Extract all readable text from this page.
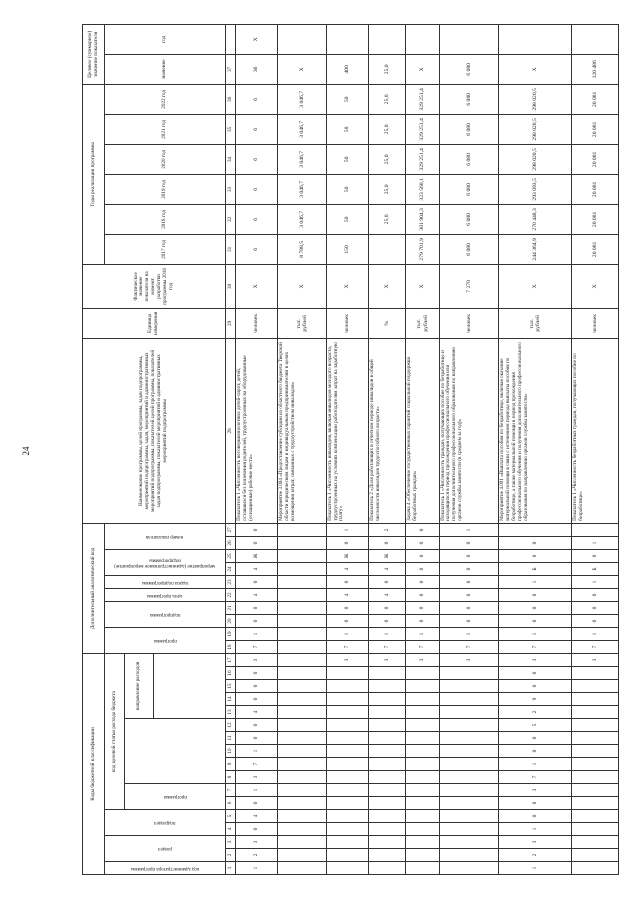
24
Коды бюджетной классификации																	Дополнительный аналитический код										Наименование программы, целей программы, задач подпрограммы, мероприятий подпрограммы, задач, мероприятий и административных мероприятий подпрограммы, показателей целей программы, показателей задач подпрограммы, показателей мероприятий и административных мероприятий подпрограммы	Единица измерения	Фактическое значение показателя на момент разработки программы 2016 год	Годы реализации программы						Целевое (суммарное) значение показателя	

код администратора программы	раздел		подраздел		код целевой статьи расхода бюджета												программа		подпрограмма		цель программы	задача подпрограммы	мероприятие (административное мероприятие) подпрограммы		номер показателя					2017 год	2018 год	2019 год	2020 год	2021 год	2022 год	значение	год

					программа							направление расходов																									

1	2	3	4	5	6	7	8	9	10	11	12	13	14	15	16	17	18	19	20	21	22	23	24	25	26	27	28	29	30	31	32	33	34	35	36	37	
1	2	3	0	4	0	1	3	7	1	0	0	4	0	0	0	3	7	1	0	0	4	0	4	Ж	0	0	Показатель 1 «Численность несовершеннолетних детей-сирот, детей, оставшихся без попечения родителей, трудоустроенных на оборудованные (оснащенные) рабочие места»	человек	X	6	6	6	6	6	6	36	X
																											Мероприятие 3.004 «Предоставление субсидии из областного бюджета Тверской области юридическим лицам и индивидуальным предпринимателям в целях возмещения затрат, связанных с трудоустройством инвалидов»	тыс. рублей	X	8 788,5	3 046,7	3 046,7	3 046,7	3 046,7	3 046,7	X	
																3	7	1	0	0	4	0	4	Ж	0	1	Показатель 1 «Численность инвалидов, включая инвалидов молодого возраста, трудоустроенных на условиях компенсации работодателям затрат на заработную плату»	человек	X	150	50	50	50	50	50	400	
																3	7	1	0	0	4	0	4	Ж	0	2	Показатель 2 «Доля работающих в отчетном периоде инвалидов в общей численности инвалидов трудоспособного возраста»	%	X		25,0	25,0	25,0	25,0	25,0	25,0	
																3	7	1	0	0	0	0	0	0	0	0	Задача 4 «Обеспечение государственных гарантий социальной поддержки безработных граждан»	тыс. рублей	X	279 701,9	301 904,3	323 560,1	329 251,4	329 251,4	329 251,4	X	
																3	7	1	0	0	0	0	0	0	0	1	Показатель 1 «Численность граждан, получающих пособие по безработице и находящихся в период прохождения профессионального обучения или получения дополнительного профессионального образования по направлению органов службы занятости (в среднем за год)»	человек	7 270	6 080	6 080	6 080	6 080	6 080	6 080	6 080	
1	2	3	1	0	0	3	7	1	0	0	5	2	9	0	0	3	7	1	0	0	0	1	Б	0	0		Мероприятие 4.001 «Выплата пособия по безработице, включая оказание материальной помощи в связи с истечением периода выплаты пособия по безработице, а также материальной помощи в период прохождения профессионального обучения и получения дополнительного профессионального образования по направлению органов службы занятости»	тыс. рублей	X	244 364,9	270 448,3	293 093,5	298 020,5	298 020,5	298 020,5	X	
																3	7	1	0	0	0	1	Б	0	1		Показатель 1 «Численность безработных граждан, получающих пособие по безработице»	человек	X	20 081	20 081	20 081	20 081	20 081	20 081	120 486	
